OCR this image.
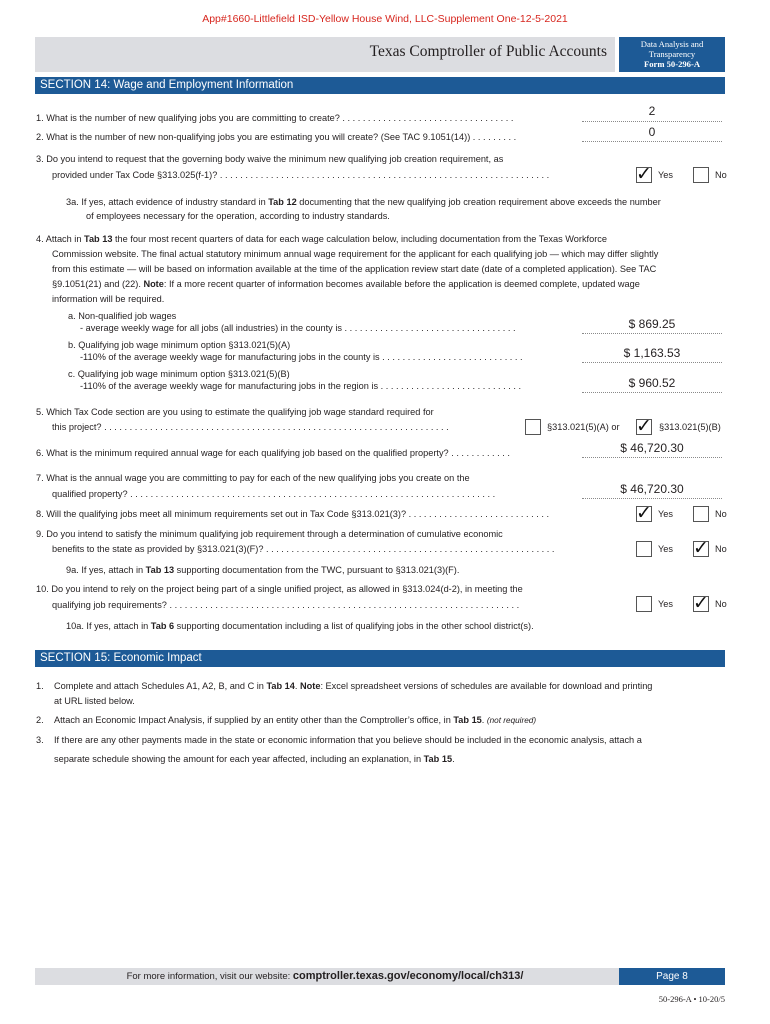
App#1660-Littlefield ISD-Yellow House Wind, LLC-Supplement One-12-5-2021
Texas Comptroller of Public Accounts	Data Analysis and
Transparency
Form 50-296-A
SECTION 14: Wage and Employment Information
1. What is the number of new qualifying jobs you are committing to create? . . . . . . . . . . . . . . . . . . . . . . . . . . . . . . . . . .	2
2. What is the number of new non-qualifying jobs you are estimating you will create? (See TAC 9.1051(14)) . . . . . . . . .	0
3. Do you intend to request that the governing body waive the minimum new qualifying job creation requirement, as
provided under Tax Code §313.025(f-1)? . . . . . . . . . . . . . . . . . . . . . . . . . . . . . . . . . . . . . . . . . . . . . . . . . . . . . . . . . . . . . . . . .	✓ Yes	No
3a. If yes, attach evidence of industry standard in Tab 12 documenting that the new qualifying job creation requirement above exceeds the number
of employees necessary for the operation, according to industry standards.
4. Attach in Tab 13 the four most recent quarters of data for each wage calculation below, including documentation from the Texas Workforce
Commission website. The final actual statutory minimum annual wage requirement for the applicant for each qualifying job — which may differ slightly
from this estimate — will be based on information available at the time of the application review start date (date of a completed application). See TAC
§9.1051(21) and (22). Note: If a more recent quarter of information becomes available before the application is deemed complete, updated wage
information will be required.
a. Non-qualified job wages
- average weekly wage for all jobs (all industries) in the county is . . . . . . . . . . . . . . . . . . . . . . . . . . . . . . . . . .	$ 869.25
b. Qualifying job wage minimum option §313.021(5)(A)
-110% of the average weekly wage for manufacturing jobs in the county is . . . . . . . . . . . . . . . . . . . . . . . . . . . .	$ 1,163.53
c. Qualifying job wage minimum option §313.021(5)(B)
-110% of the average weekly wage for manufacturing jobs in the region is . . . . . . . . . . . . . . . . . . . . . . . . . . . .	$ 960.52
5. Which Tax Code section are you using to estimate the qualifying job wage standard required for
this project? . . . . . . . . . . . . . . . . . . . . . . . . . . . . . . . . . . . . . . . . . . . . . . . . . . . . . . . . . . . . . . . . . . . .	§313.021(5)(A) or ✓ §313.021(5)(B)
6. What is the minimum required annual wage for each qualifying job based on the qualified property? . . . . . . . . . . . .	$ 46,720.30
7. What is the annual wage you are committing to pay for each of the new qualifying jobs you create on the
qualified property? . . . . . . . . . . . . . . . . . . . . . . . . . . . . . . . . . . . . . . . . . . . . . . . . . . . . . . . . . . . . . . . . . . . . . . . .	$ 46,720.30
8. Will the qualifying jobs meet all minimum requirements set out in Tax Code §313.021(3)? . . . . . . . . . . . . . . . . . . . . . . . . . . . .	✓ Yes	No
9. Do you intend to satisfy the minimum qualifying job requirement through a determination of cumulative economic
benefits to the state as provided by §313.021(3)(F)? . . . . . . . . . . . . . . . . . . . . . . . . . . . . . . . . . . . . . . . . . . . . . . . . . . . . . . . . .	Yes ✓ No
9a. If yes, attach in Tab 13 supporting documentation from the TWC, pursuant to §313.021(3)(F).
10. Do you intend to rely on the project being part of a single unified project, as allowed in §313.024(d-2), in meeting the
qualifying job requirements? . . . . . . . . . . . . . . . . . . . . . . . . . . . . . . . . . . . . . . . . . . . . . . . . . . . . . . . . . . . . . . . . . . . . .	Yes ✓ No
10a. If yes, attach in Tab 6 supporting documentation including a list of qualifying jobs in the other school district(s).
SECTION 15: Economic Impact
1. Complete and attach Schedules A1, A2, B, and C in Tab 14. Note: Excel spreadsheet versions of schedules are available for download and printing
at URL listed below.
2. Attach an Economic Impact Analysis, if supplied by an entity other than the Comptroller’s office, in Tab 15. (not required)
3. If there are any other payments made in the state or economic information that you believe should be included in the economic analysis, attach a
separate schedule showing the amount for each year affected, including an explanation, in Tab 15.
For more information, visit our website: comptroller.texas.gov/economy/local/ch313/	Page 8
50-296-A • 10-20/5
